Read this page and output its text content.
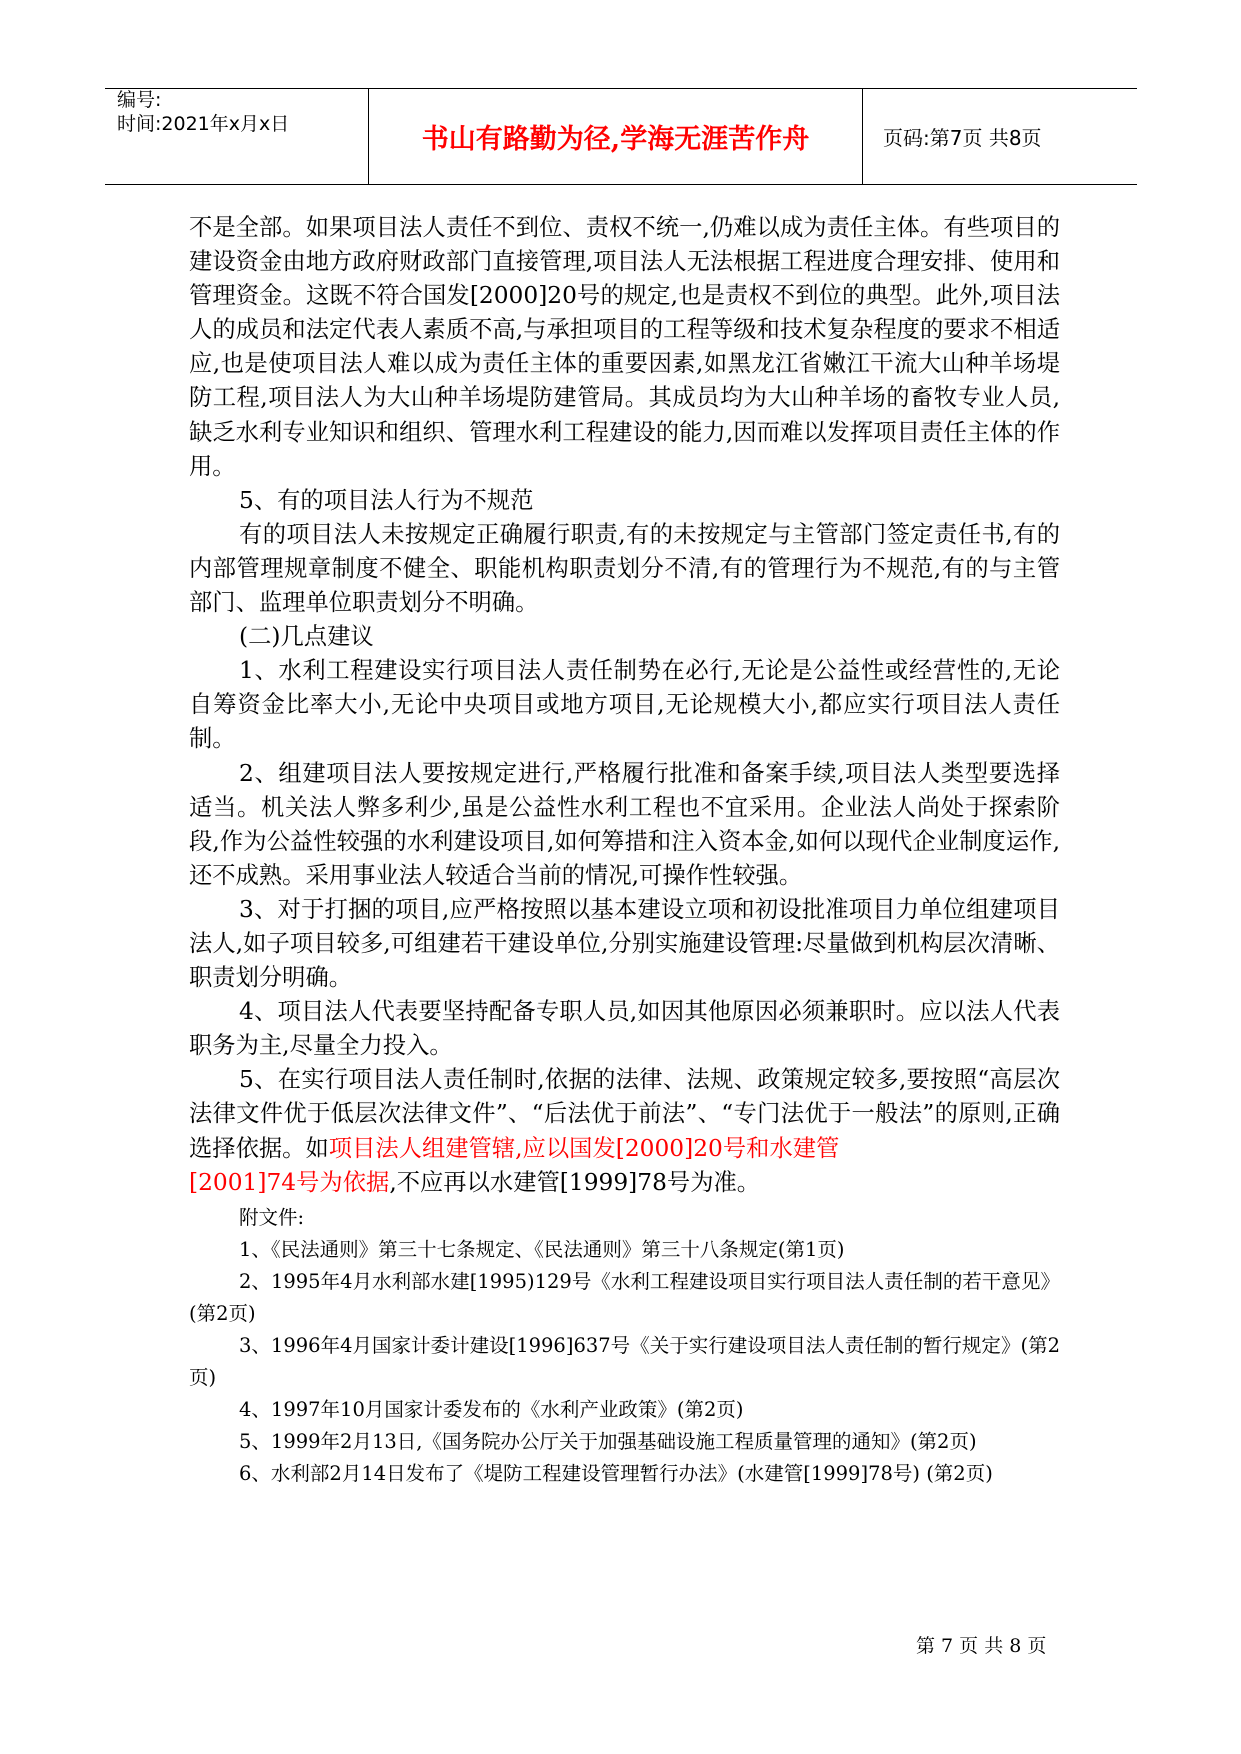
编号:
时间:2021年x月x日	书山有路勤为径,学海无涯苦作舟	页码:第7页 共8页

不是全部。如果项目法人责任不到位、责权不统一,仍难以成为责任主体。有些项目的建设资金由地方政府财政部门直接管理,项目法人无法根据工程进度合理安排、使用和管理资金。这既不符合国发[2000]20号的规定,也是责权不到位的典型。此外,项目法人的成员和法定代表人素质不高,与承担项目的工程等级和技术复杂程度的要求不相适应,也是使项目法人难以成为责任主体的重要因素,如黑龙江省嫩江干流大山种羊场堤防工程,项目法人为大山种羊场堤防建管局。其成员均为大山种羊场的畜牧专业人员,缺乏水利专业知识和组织、管理水利工程建设的能力,因而难以发挥项目责任主体的作用。

5、有的项目法人行为不规范

有的项目法人未按规定正确履行职责,有的未按规定与主管部门签定责任书,有的内部管理规章制度不健全、职能机构职责划分不清,有的管理行为不规范,有的与主管部门、监理单位职责划分不明确。

(二)几点建议

1、水利工程建设实行项目法人责任制势在必行,无论是公益性或经营性的,无论自筹资金比率大小,无论中央项目或地方项目,无论规模大小,都应实行项目法人责任制。

2、组建项目法人要按规定进行,严格履行批准和备案手续,项目法人类型要选择适当。机关法人弊多利少,虽是公益性水利工程也不宜采用。企业法人尚处于探索阶段,作为公益性较强的水利建设项目,如何筹措和注入资本金,如何以现代企业制度运作,还不成熟。采用事业法人较适合当前的情况,可操作性较强。

3、对于打捆的项目,应严格按照以基本建设立项和初设批准项目力单位组建项目法人,如子项目较多,可组建若干建设单位,分别实施建设管理:尽量做到机构层次清晰、职责划分明确。

4、项目法人代表要坚持配备专职人员,如因其他原因必须兼职时。应以法人代表职务为主,尽量全力投入。

5、在实行项目法人责任制时,依据的法律、法规、政策规定较多,要按照“高层次法律文件优于低层次法律文件”、“后法优于前法”、“专门法优于一般法”的原则,正确选择依据。如项目法人组建管辖,应以国发[2000]20号和水建管

[2001]74号为依据,不应再以水建管[1999]78号为准。

附文件:

1、《民法通则》第三十七条规定、《民法通则》第三十八条规定(第1页)

2、1995年4月水利部水建[1995)129号《水利工程建设项目实行项目法人责任制的若干意见》(第2页)

3、1996年4月国家计委计建设[1996]637号《关于实行建设项目法人责任制的暂行规定》(第2页)

4、1997年10月国家计委发布的《水利产业政策》(第2页)

5、1999年2月13日,《国务院办公厅关于加强基础设施工程质量管理的通知》(第2页)

6、水利部2月14日发布了《堤防工程建设管理暂行办法》(水建管[1999]78号) (第2页)

第 7 页 共 8 页
